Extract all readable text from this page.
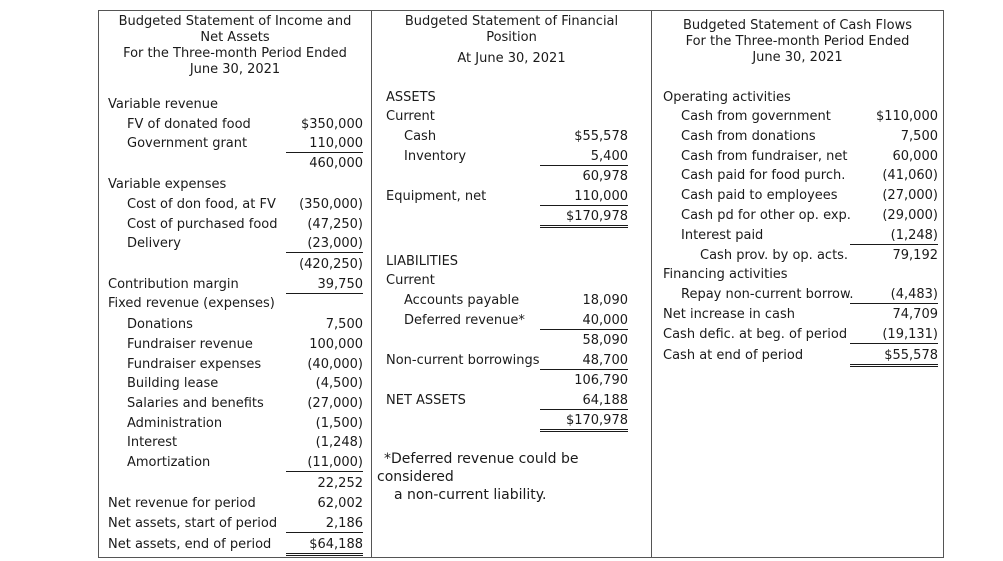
Budgeted Statement of Income and
Net Assets
For the Three-month Period Ended
June 30, 2021
Variable revenue
FV of donated food	$350,000
Government grant	110,000
460,000
Variable expenses
Cost of don food, at FV	(350,000)
Cost of purchased food	(47,250)
Delivery	(23,000)
(420,250)
Contribution margin	39,750
Fixed revenue (expenses)
Donations	7,500
Fundraiser revenue	100,000
Fundraiser expenses	(40,000)
Building lease	(4,500)
Salaries and benefits	(27,000)
Administration	(1,500)
Interest	(1,248)
Amortization	(11,000)
22,252
Net revenue for period	62,002
Net assets, start of period	2,186
Net assets, end of period	$64,188
Budgeted Statement of Financial
Position
At June 30, 2021
ASSETS
Current
Cash	$55,578
Inventory	5,400
60,978
Equipment, net	110,000
$170,978
LIABILITIES
Current
Accounts payable	18,090
Deferred revenue*	40,000
58,090
Non-current borrowings	48,700
106,790
NET ASSETS	64,188
$170,978
*Deferred revenue could be
considered
a non-current liability.
Budgeted Statement of Cash Flows
For the Three-month Period Ended
June 30, 2021
Operating activities
Cash from government	$110,000
Cash from donations	7,500
Cash from fundraiser, net	60,000
Cash paid for food purch.	(41,060)
Cash paid to employees	(27,000)
Cash pd for other op. exp.	(29,000)
Interest paid	(1,248)
Cash prov. by op. acts.	79,192
Financing activities
Repay non-current borrow.	(4,483)
Net increase in cash	74,709
Cash defic. at beg. of period	(19,131)
Cash at end of period	$55,578
